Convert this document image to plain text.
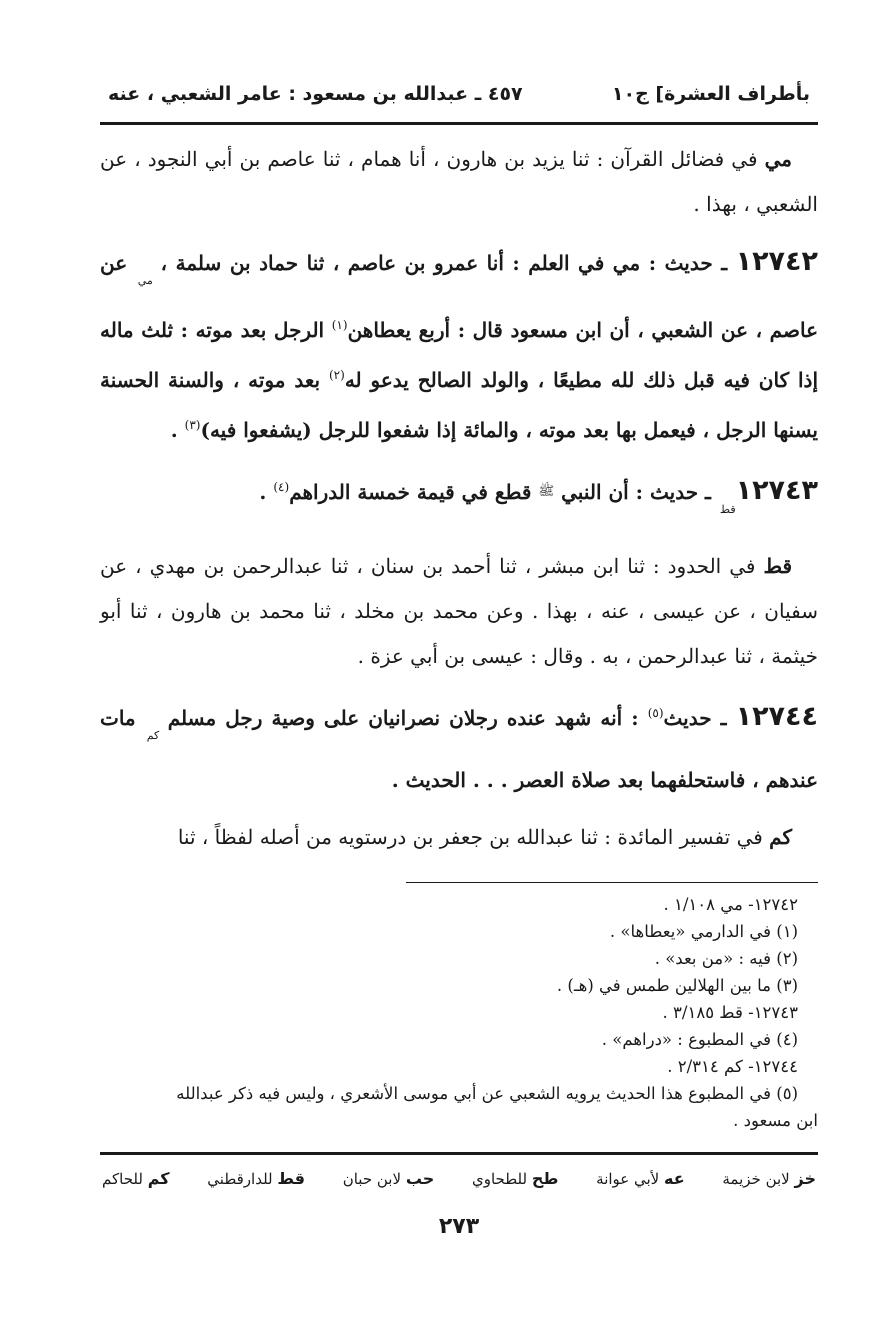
بأطراف العشرة] ج١٠
٤٥٧ ـ عبدالله بن مسعود : عامر الشعبي ، عنه

مي في فضائل القرآن : ثنا يزيد بن هارون ، أنا همام ، ثنا عاصم بن أبي النجود ، عن الشعبي ، بهذا .

١٢٧٤٢ ـ حديث : مي في العلم : أنا عمرو بن عاصم ، ثنا حماد بن سلمة ، $_{مي}$ عن عاصم ، عن الشعبي ، أن ابن مسعود قال : أربع يعطاهن$^{(١)}$ الرجل بعد موته : ثلث ماله إذا كان فيه قبل ذلك لله مطيعًا ، والولد الصالح يدعو له$^{(٢)}$ بعد موته ، والسنة الحسنة يسنها الرجل ، فيعمل بها بعد موته ، والمائة إذا شفعوا للرجل (يشفعوا فيه)$^{(٣)}$ .

$١٢٧٤٣_{قط}$ ـ حديث : أن النبي $^ﷺ$ قطع في قيمة خمسة الدراهم$^{(٤)}$ .

قط في الحدود : ثنا ابن مبشر ، ثنا أحمد بن سنان ، ثنا عبدالرحمن بن مهدي ، عن سفيان ، عن عيسى ، عنه ، بهذا . وعن محمد بن مخلد ، ثنا محمد بن هارون ، ثنا أبو خيثمة ، ثنا عبدالرحمن ، به . وقال : عيسى بن أبي عزة .

١٢٧٤٤ ـ حديث$^{(٥)}$ : أنه شهد عنده رجلان نصرانيان على وصية رجل مسلم $_{كم}$ مات عندهم ، فاستحلفهما بعد صلاة العصر . . . الحديث .

كم في تفسير المائدة : ثنا عبدالله بن جعفر بن درستويه من أصله لفظاً ، ثنا

١٢٧٤٢- مي ١/١٠٨ .

(١) في الدارمي «يعطاها» .

(٢) فيه : «من بعد» .

(٣) ما بين الهلالين طمس في (هـ) .

١٢٧٤٣- قط ٣/١٨٥ .

(٤) في المطبوع : «دراهم» .

١٢٧٤٤- كم ٢/٣١٤ .

(٥) في المطبوع هذا الحديث يرويه الشعبي عن أبي موسى الأشعري ، وليس فيه ذكر عبدالله

ابن مسعود .

خز لابن خزيمة
عه لأبي عوانة
طح للطحاوي
حب لابن حبان
قط للدارقطني
كم للحاكم
٢٧٣
